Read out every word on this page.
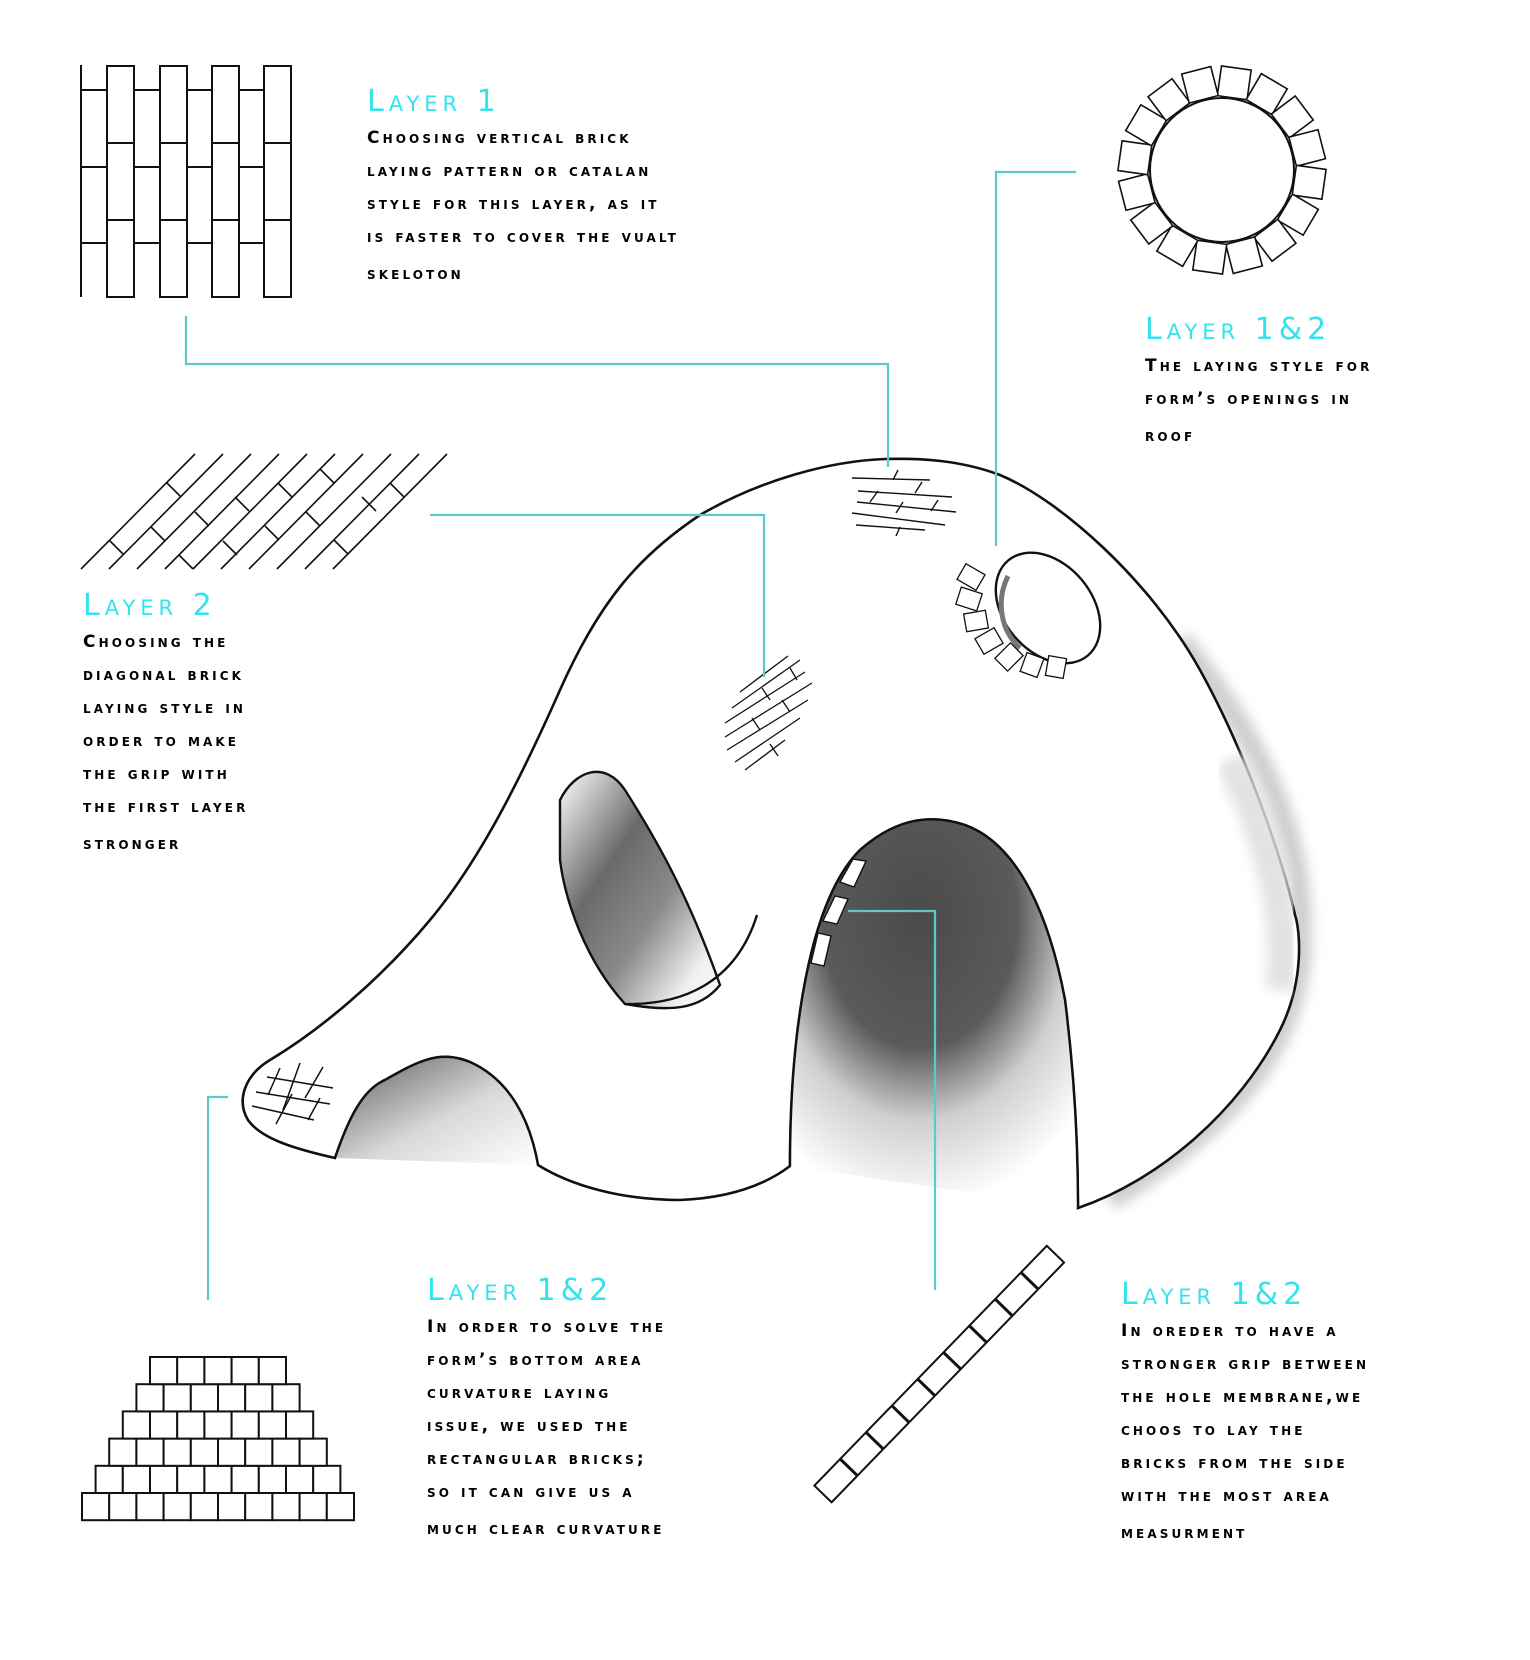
Layer 1
Choosing vertical brick
laying pattern or catalan
style for this layer, as it
is faster to cover the vualt
skeloton
Layer 1&2
The laying style for
form’s openings in
roof
Layer 2
Choosing the
diagonal brick
laying style in
order to make
the grip with
the first layer
stronger
Layer 1&2
In order to solve the
form’s bottom area
curvature laying
issue, we used the
rectangular bricks;
so it can give us a
much clear curvature
Layer 1&2
In oreder to have a
stronger grip between
the hole membrane,we
choos to lay the
bricks from the side
with the most area
measurment
